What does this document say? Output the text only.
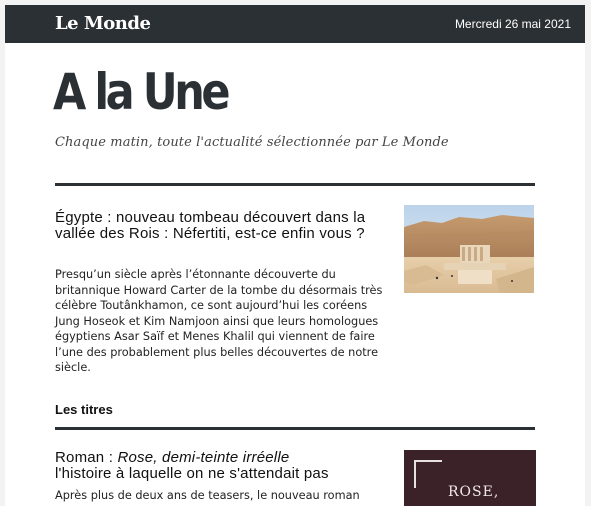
Le Monde	Mercredi 26 mai 2021
A la Une
Chaque matin, toute l'actualité sélectionnée par Le Monde
Égypte : nouveau tombeau découvert dans la vallée des Rois : Néfertiti, est-ce enfin vous ?
Presqu’un siècle après l’étonnante découverte du britannique Howard Carter de la tombe du désormais très célèbre Toutânkhamon, ce sont aujourd’hui les coréens Jung Hoseok et Kim Namjoon ainsi que leurs homologues égyptiens Asar Saïf et Menes Khalil qui viennent de faire l’une des probablement plus belles découvertes de notre siècle.
Les titres
Roman : Rose, demi-teinte irréelle
l'histoire à laquelle on ne s'attendait pas
Après plus de deux ans de teasers, le nouveau roman	ROSE,
